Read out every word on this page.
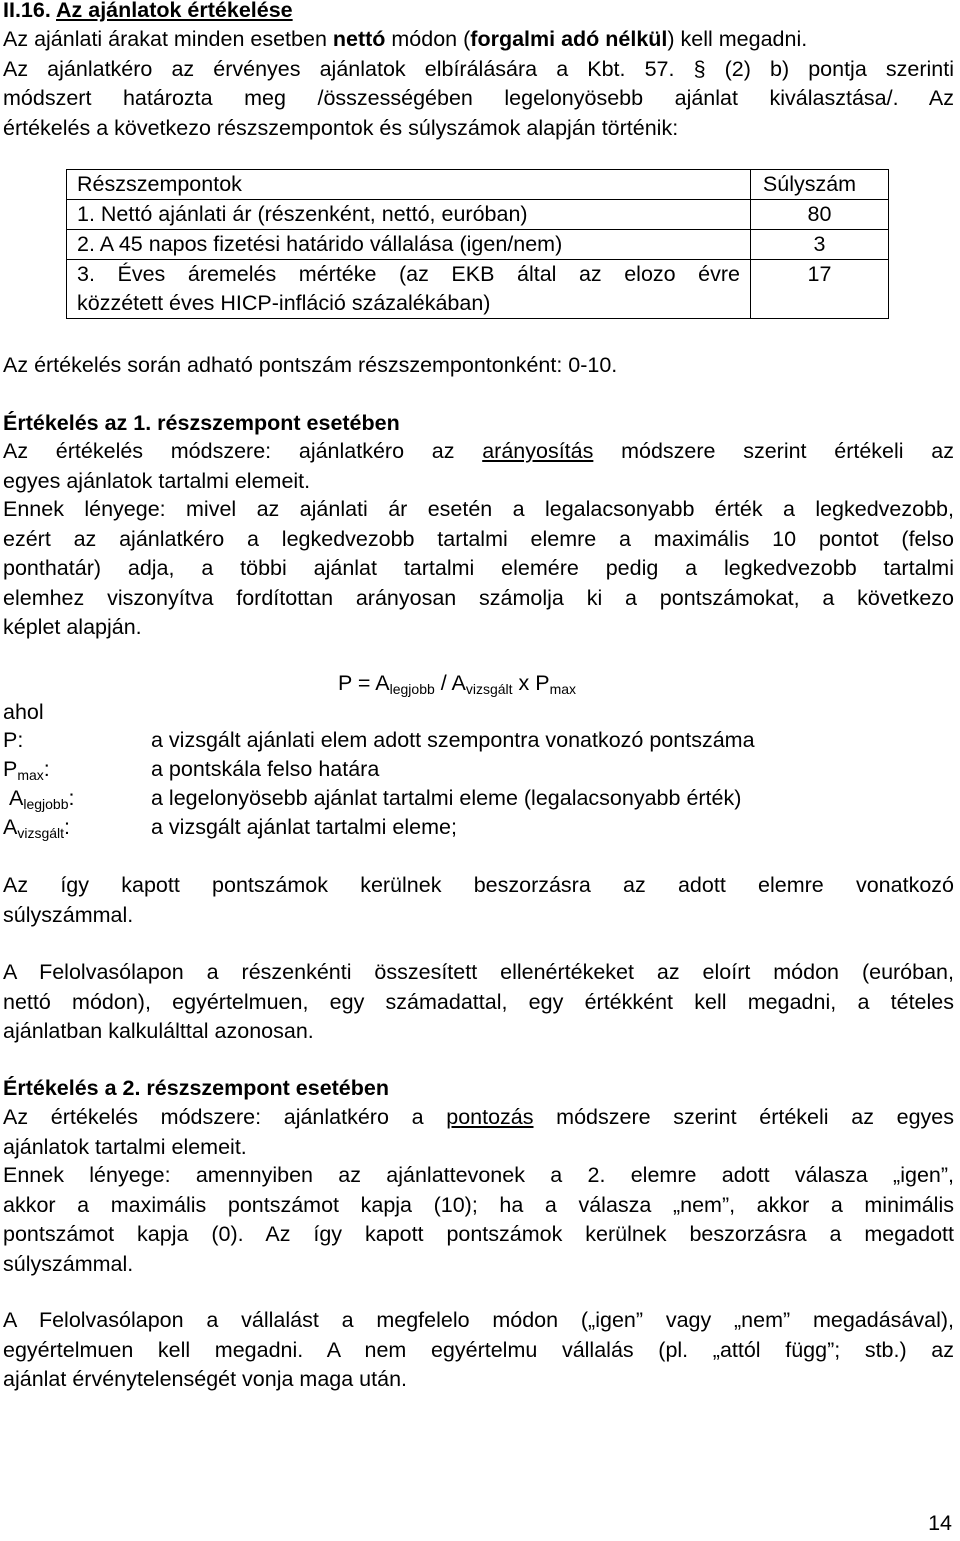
II.16. Az ajánlatok értékelése
Az ajánlati árakat minden esetben nettó módon (forgalmi adó nélkül) kell megadni.
Az ajánlatkéro az érvényes ajánlatok elbírálására a Kbt. 57. § (2) b) pontja szerinti
módszert határozta meg /összességében legelonyösebb ajánlat kiválasztása/. Az
értékelés a következo részszempontok és súlyszámok alapján történik:
Részszempontok	Súlyszám
1. Nettó ajánlati ár (részenként, nettó, euróban)	80
2. A 45 napos fizetési határido vállalása (igen/nem)	3

3. Éves áremelés mértéke (az EKB által az elozo évre
közzétett éves HICP-infláció százalékában)	17
Az értékelés során adható pontszám részszempontonként: 0-10.
Értékelés az 1. részszempont esetében
Az értékelés módszere: ajánlatkéro az arányosítás módszere szerint értékeli az
egyes ajánlatok tartalmi elemeit.
Ennek lényege: mivel az ajánlati ár esetén a legalacsonyabb érték a legkedvezobb,
ezért az ajánlatkéro a legkedvezobb tartalmi elemre a maximális 10 pontot (felso
ponthatár) adja, a többi ajánlat tartalmi elemére pedig a legkedvezobb tartalmi
elemhez viszonyítva fordítottan arányosan számolja ki a pontszámokat, a következo
képlet alapján.
$P = A_{legjobb} / A_{vizsgált}$ x $P_{max}$
ahol
P:	a vizsgált ajánlati elem adott szempontra vonatkozó pontszáma
$P_{max}$:	a pontskála felso határa
$A_{legjobb}$:	a legelonyösebb ajánlat tartalmi eleme (legalacsonyabb érték)
$A_{vizsgált}$:	a vizsgált ajánlat tartalmi eleme;
Az így kapott pontszámok kerülnek beszorzásra az adott elemre vonatkozó
súlyszámmal.
A Felolvasólapon a részenkénti összesített ellenértékeket az eloírt módon (euróban,
nettó módon), egyértelmuen, egy számadattal, egy értékként kell megadni, a tételes
ajánlatban kalkulálttal azonosan.
Értékelés a 2. részszempont esetében
Az értékelés módszere: ajánlatkéro a pontozás módszere szerint értékeli az egyes
ajánlatok tartalmi elemeit.
Ennek lényege: amennyiben az ajánlattevonek a 2. elemre adott válasza „igen”,
akkor a maximális pontszámot kapja (10); ha a válasza „nem”, akkor a minimális
pontszámot kapja (0). Az így kapott pontszámok kerülnek beszorzásra a megadott
súlyszámmal.
A Felolvasólapon a vállalást a megfelelo módon („igen” vagy „nem” megadásával),
egyértelmuen kell megadni. A nem egyértelmu vállalás (pl. „attól függ”; stb.) az
ajánlat érvénytelenségét vonja maga után.
14
